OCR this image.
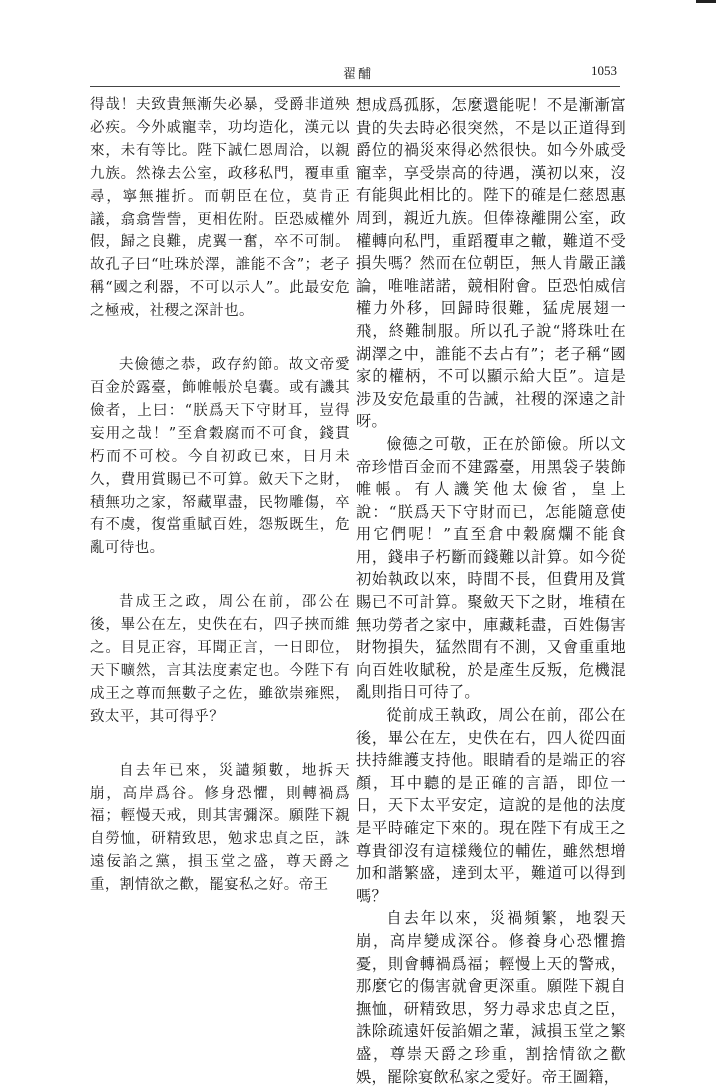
翟酺	1053

得哉！夫致貴無漸失必暴，受爵非道殃必疾。今外戚寵幸，功均造化，漢元以來，未有等比。陛下誠仁恩周洽，以親九族。然祿去公室，政移私門，覆車重尋，寧無摧折。而朝臣在位，莫肯正議，翕翕訾訾，更相佐附。臣恐威權外假，歸之良難，虎翼一奮，卒不可制。故孔子曰“吐珠於澤，誰能不含”；老子稱“國之利器，不可以示人”。此最安危之極戒，社稷之深計也。

夫儉德之恭，政存約節。故文帝愛百金於露臺，飾帷帳於皂囊。或有譏其儉者，上曰：“朕爲天下守財耳，豈得妄用之哉！”至倉穀腐而不可食，錢貫朽而不可校。今自初政已來，日月未久，費用賞賜已不可算。斂天下之財，積無功之家，帑藏單盡，民物雕傷，卒有不虞，復當重賦百姓，怨叛既生，危亂可待也。

昔成王之政，周公在前，邵公在後，畢公在左，史佚在右，四子挾而維之。目見正容，耳聞正言，一日即位，天下曠然，言其法度素定也。今陛下有成王之尊而無數子之佐，雖欲崇雍熙，致太平，其可得乎？

自去年已來，災譴頻數，地拆天崩，高岸爲谷。修身恐懼，則轉禍爲福；輕慢天戒，則其害彌深。願陛下親自勞恤，研精致思，勉求忠貞之臣，誅遠佞諂之黨，損玉堂之盛，尊天爵之重，割情欲之歡，罷宴私之好。帝王

想成爲孤豚，怎麼還能呢！不是漸漸富貴的失去時必很突然，不是以正道得到爵位的禍災來得必然很快。如今外戚受寵幸，享受崇高的待遇，漢初以來，沒有能與此相比的。陛下的確是仁慈恩惠周到，親近九族。但俸祿離開公室，政權轉向私門，重蹈覆車之轍，難道不受損失嗎？然而在位朝臣，無人肯嚴正議論，唯唯諾諾，競相附會。臣恐怕威信權力外移，回歸時很難，猛虎展翅一飛，終難制服。所以孔子說“將珠吐在湖澤之中，誰能不去占有”；老子稱“國家的權柄，不可以顯示給大臣”。這是涉及安危最重的告誡，社稷的深遠之計呀。

儉德之可敬，正在於節儉。所以文帝珍惜百金而不建露臺，用黑袋子裝飾帷帳。有人譏笑他太儉省，皇上說：“朕爲天下守財而已，怎能隨意使用它們呢！”直至倉中穀腐爛不能食用，錢串子朽斷而錢難以計算。如今從初始執政以來，時間不長，但費用及賞賜已不可計算。聚斂天下之財，堆積在無功勞者之家中，庫藏耗盡，百姓傷害財物損失，猛然間有不測，又會重重地向百姓收賦稅，於是產生反叛，危機混亂則指日可待了。

從前成王執政，周公在前，邵公在後，畢公在左，史佚在右，四人從四面扶持維護支持他。眼睛看的是端正的容顏，耳中聽的是正確的言語，即位一日，天下太平安定，這說的是他的法度是平時確定下來的。現在陛下有成王之尊貴卻沒有這樣幾位的輔佐，雖然想增加和諧繁盛，達到太平，難道可以得到嗎？

自去年以來，災禍頻繁，地裂天崩，高岸變成深谷。修養身心恐懼擔憂，則會轉禍爲福；輕慢上天的警戒，那麼它的傷害就會更深重。願陛下親自撫恤，研精致思，努力尋求忠貞之臣，誅除疏遠奸佞諂媚之輩，減損玉堂之繁盛，尊崇天爵之珍重，割捨情欲之歡娛，罷除宴飲私家之愛好。帝王圖籍，
